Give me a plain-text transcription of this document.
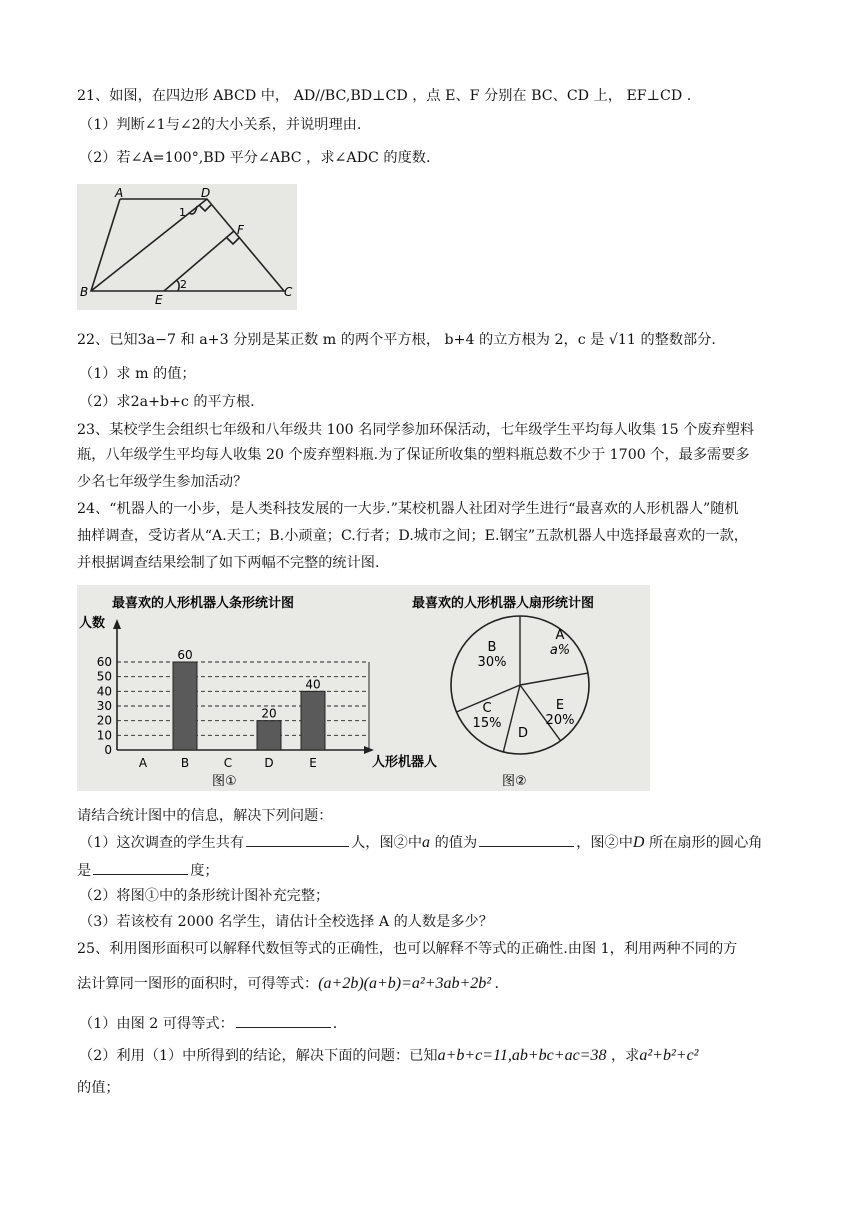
21、如图，在四边形 ABCD 中， AD//BC,BD⊥CD ，点 E、F 分别在 BC、CD 上， EF⊥CD .
（1）判断∠1与∠2的大小关系，并说明理由.
（2）若∠A=100°,BD 平分∠ABC ，求∠ADC 的度数.
A	D
B
E
C
F
1
2
22、已知3a−7 和 a+3 分别是某正数 m 的两个平方根， b+4 的立方根为 2，c 是 √11 的整数部分.
（1）求 m 的值；
（2）求2a+b+c 的平方根.
23、某校学生会组织七年级和八年级共 100 名同学参加环保活动，七年级学生平均每人收集 15 个废弃塑料
瓶，八年级学生平均每人收集 20 个废弃塑料瓶.为了保证所收集的塑料瓶总数不少于 1700 个，最多需要多
少名七年级学生参加活动？
24、“机器人的一小步，是人类科技发展的一大步.”某校机器人社团对学生进行“最喜欢的人形机器人”随机
抽样调查，受访者从“A.天工；B.小顽童；C.行者；D.城市之间；E.钢宝”五款机器人中选择最喜欢的一款，
并根据调查结果绘制了如下两幅不完整的统计图.
最喜欢的人形机器人条形统计图
人数
人形机器人
图①
0
10
20
30
40
50
60
A	B
60
C	D
20
E
40
最喜欢的人形机器人扇形统计图
图②
A
a%
E
20%
D
C
15%
B
30%
请结合统计图中的信息，解决下列问题：
（1）这次调查的学生共有	人，图②中a 的值为	，图②中D 所在扇形的圆心角
是	度；
（2）将图①中的条形统计图补充完整；
（3）若该校有 2000 名学生，请估计全校选择 A 的人数是多少？
25、利用图形面积可以解释代数恒等式的正确性，也可以解释不等式的正确性.由图 1，利用两种不同的方
法计算同一图形的面积时，可得等式：(a+2b)(a+b)=a²+3ab+2b² .
（1）由图 2 可得等式：	.
（2）利用（1）中所得到的结论，解决下面的问题：已知a+b+c=11,ab+bc+ac=38 ，求a²+b²+c²
的值；
